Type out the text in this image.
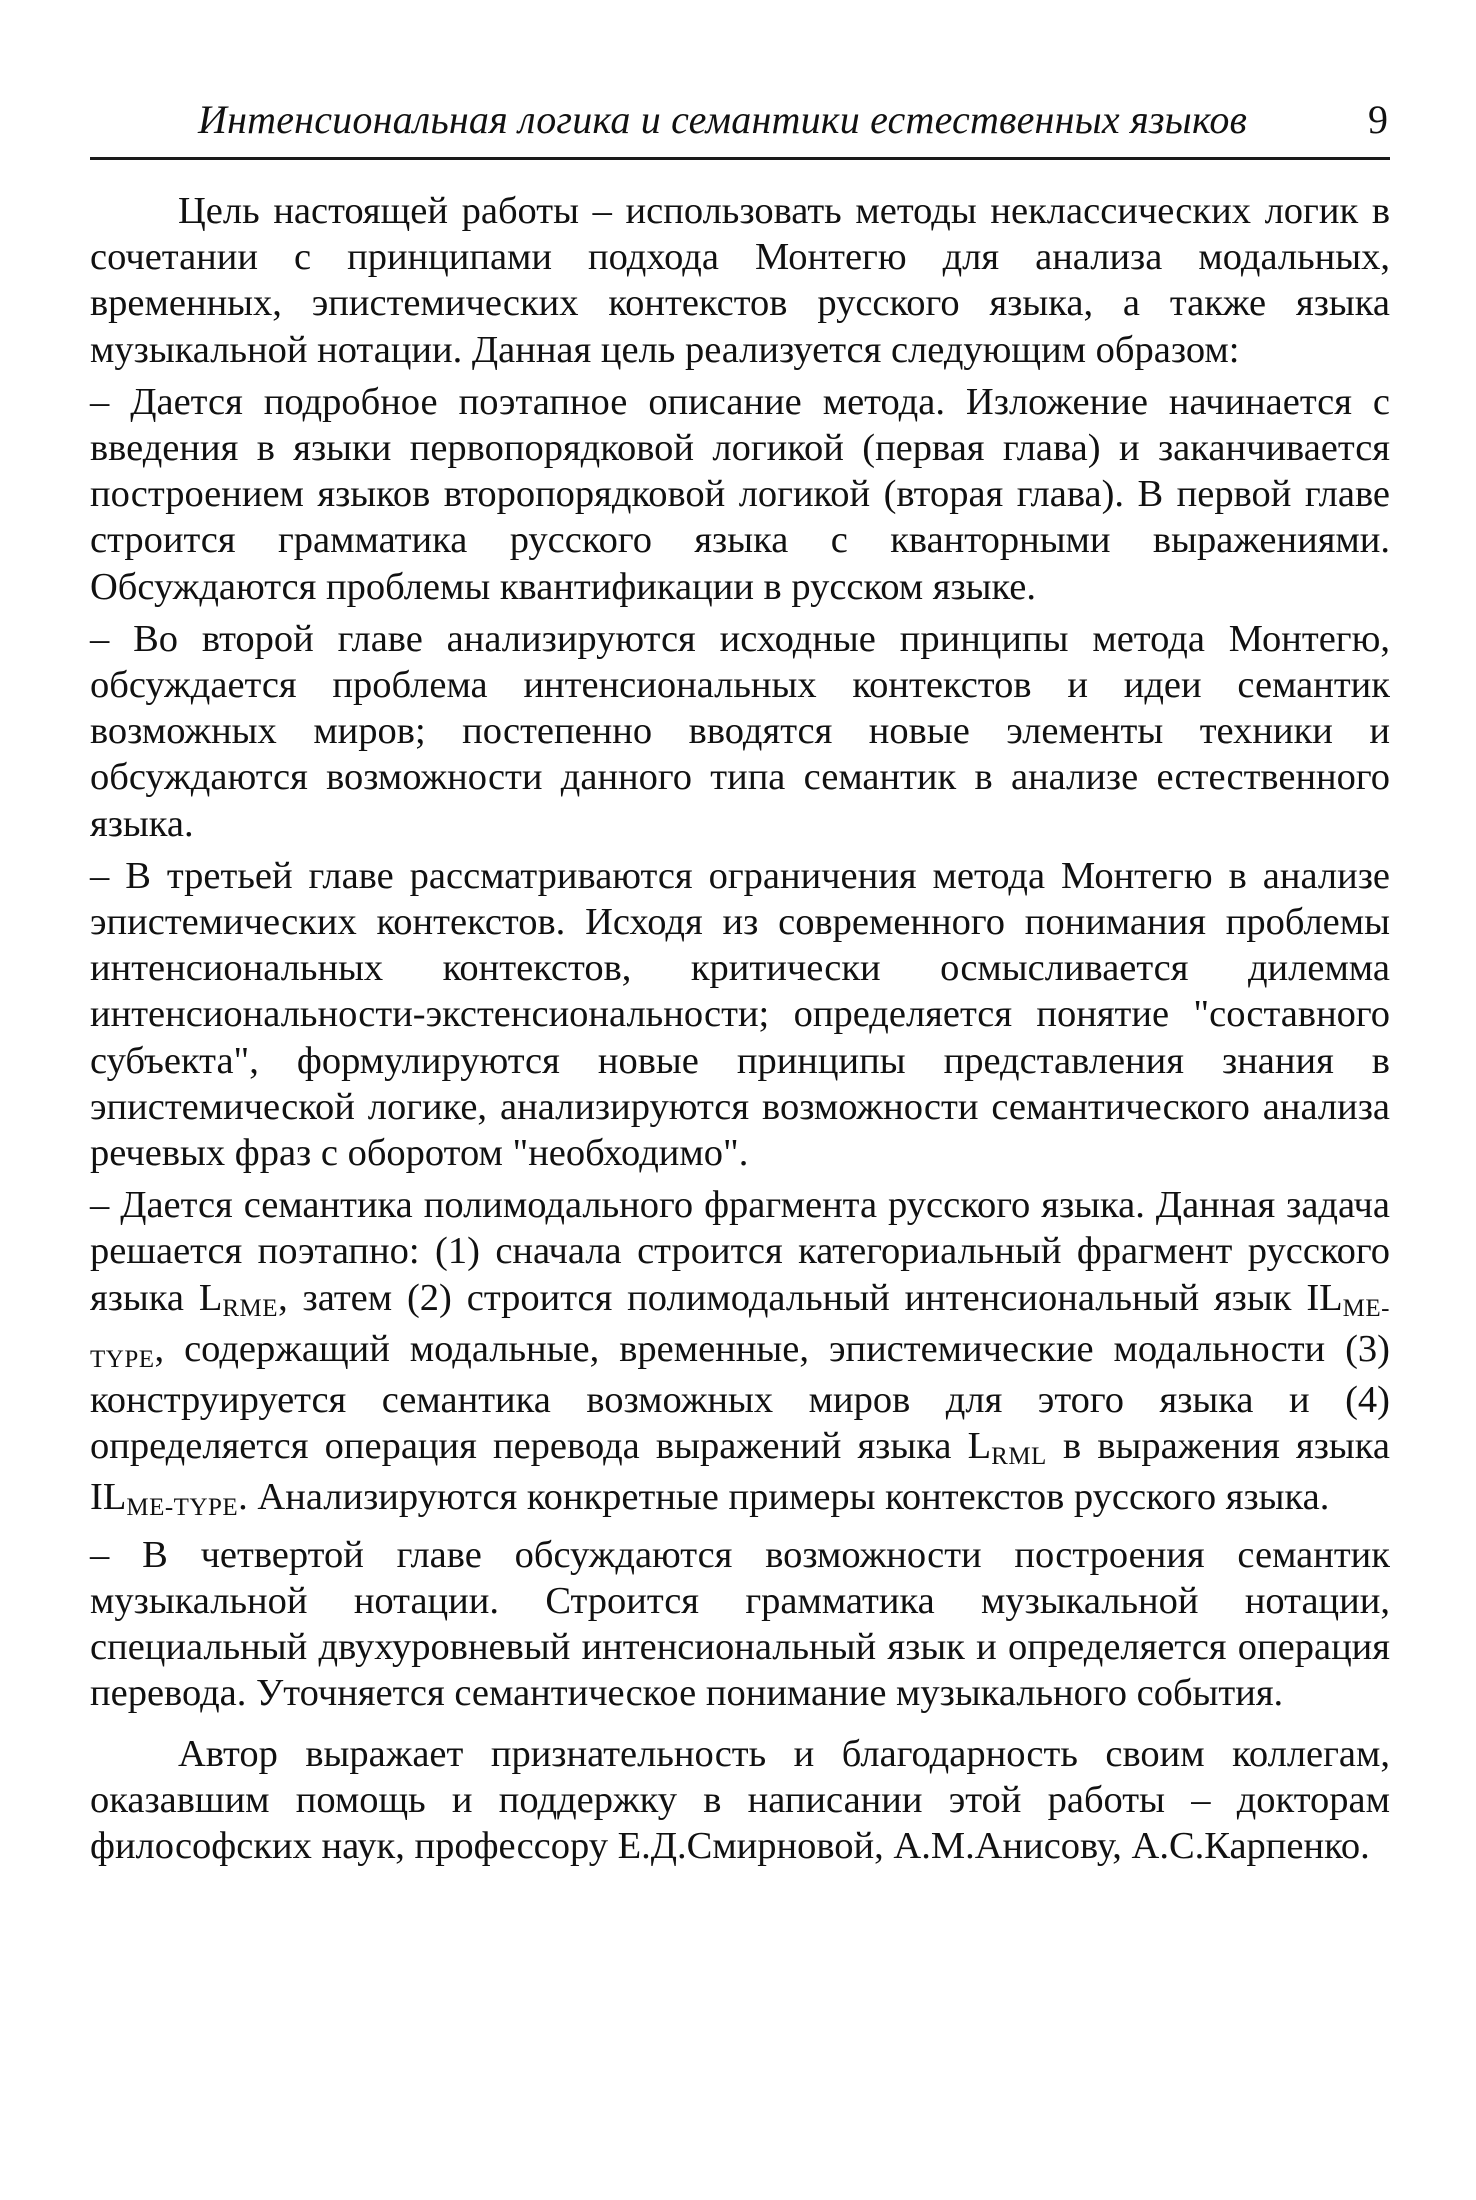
Интенсиональная логика и семантики естественных языков	9

Цель настоящей работы – использовать методы неклассических логик в сочетании с принципами подхода Монтегю для анализа модальных, временных, эпистемических контекстов русского языка, а также языка музыкальной нотации. Данная цель реализуется следующим образом:

– Дается подробное поэтапное описание метода. Изложение начинается с введения в языки первопорядковой логикой (первая глава) и заканчивается построением языков второпорядковой логикой (вторая глава). В первой главе строится грамматика русского языка с кванторными выражениями. Обсуждаются проблемы квантификации в русском языке.

– Во второй главе анализируются исходные принципы метода Монтегю, обсуждается проблема интенсиональных контекстов и идеи семантик возможных миров; постепенно вводятся новые элементы техники и обсуждаются возможности данного типа семантик в анализе естественного языка.

– В третьей главе рассматриваются ограничения метода Монтегю в анализе эпистемических контекстов. Исходя из современного понимания проблемы интенсиональных контекстов, критически осмысливается дилемма интенсиональности-экстенсиональности; определяется понятие "составного субъекта", формулируются новые принципы представления знания в эпистемической логике, анализируются возможности семантического анализа речевых фраз с оборотом "необходимо".

– Дается семантика полимодального фрагмента русского языка. Данная задача решается поэтапно: (1) сначала строится категориальный фрагмент русского языка LRME, затем (2) строится полимодальный интенсиональный язык ILME-TYPE, содержащий модальные, временные, эпистемические модальности (3) конструируется семантика возможных миров для этого языка и (4) определяется операция перевода выражений языка LRML в выражения языка ILME-TYPE. Анализируются конкретные примеры контекстов русского языка.

– В четвертой главе обсуждаются возможности построения семантик музыкальной нотации. Строится грамматика музыкальной нотации, специальный двухуровневый интенсиональный язык и определяется операция перевода. Уточняется семантическое понимание музыкального события.

Автор выражает признательность и благодарность своим коллегам, оказавшим помощь и поддержку в написании этой работы – докторам философских наук, профессору Е.Д.Смирновой, А.М.Анисову, А.С.Карпенко.
